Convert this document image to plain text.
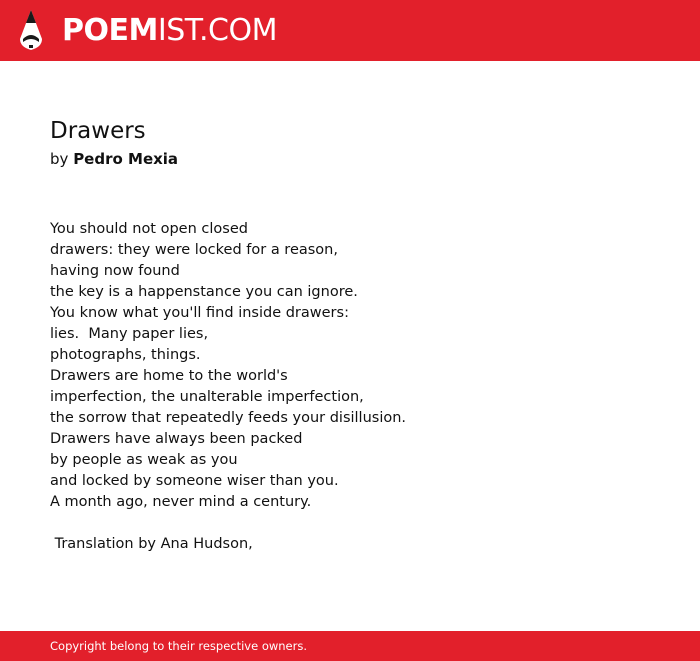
POEMIST.COM
Drawers
by Pedro Mexia
You should not open closed
drawers: they were locked for a reason,
having now found
the key is a happenstance you can ignore.
You know what you'll find inside drawers:
lies.  Many paper lies,
photographs, things.
Drawers are home to the world's
imperfection, the unalterable imperfection,
the sorrow that repeatedly feeds your disillusion.
Drawers have always been packed
by people as weak as you
and locked by someone wiser than you.
A month ago, never mind a century.
Translation by Ana Hudson,
Copyright belong to their respective owners.
